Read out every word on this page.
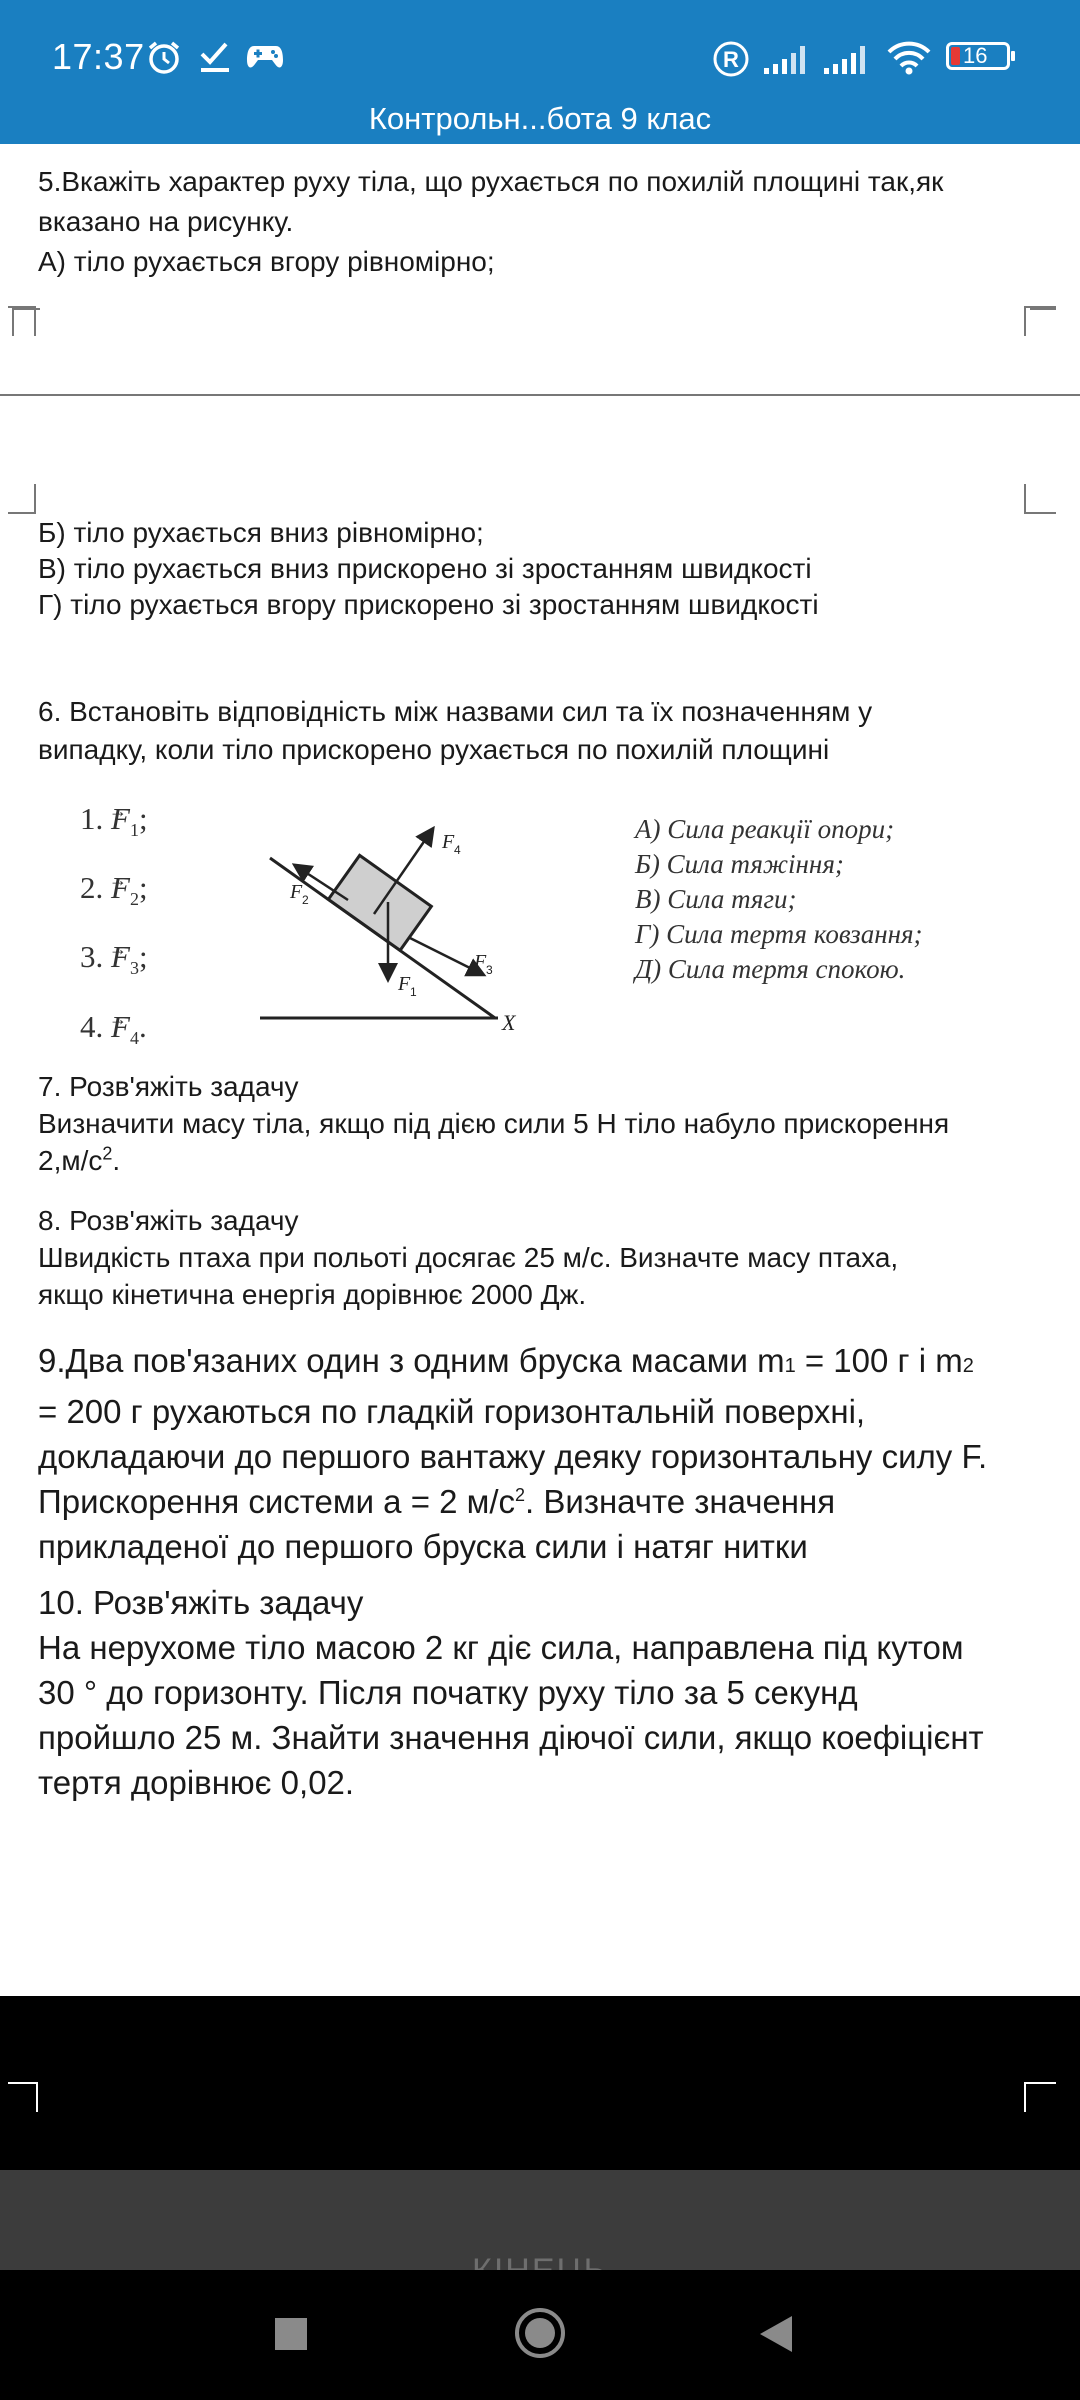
17:37	R	16
Контрольн...бота 9 клас

5.Вкажіть характер руху тіла, що рухається по похилій площині так,як

вказано на рисунку.

А) тіло рухається вгору рівномірно;

Б) тіло рухається вниз рівномірно;

В) тіло рухається вниз прискорено зі зростанням швидкості

Г) тіло рухається вгору прискорено зі зростанням швидкості

6. Встановіть відповідність між назвами сил та їх позначенням у

випадку, коли тіло прискорено рухається по похилій площині

1. → $F_1$;
2. → $F_2$;
3. → $F_3$;
4. → $F_4$.
F 4
F 1
F 3
F 2
X
А) Сила реакції опори;
Б) Сила тяжіння;
В) Сила тяги;
Г) Сила тертя ковзання;
Д) Сила тертя спокою.

7. Розв'яжіть задачу

Визначити масу тіла, якщо під дією сили 5 Н тіло набуло прискорення

$2,м/с^2$.

8. Розв'яжіть задачу

Швидкість птаха при польоті досягає 25 м/с. Визначте масу птаха,

якщо кінетична енергія дорівнює 2000 Дж.

9.Два пов'язаних один з одним бруска масами m1 = 100 г і m2

= 200 г рухаються по гладкій горизонтальній поверхні,

докладаючи до першого вантажу деяку горизонтальну силу F.

Прискорення системи а = 2 $м/с^2$. Визначте значення

прикладеної до першого бруска сили і натяг нитки

10. Розв'яжіть задачу

На нерухоме тіло масою 2 кг діє сила, направлена під кутом

30 ° до горизонту. Після початку руху тіло за 5 секунд

пройшло 25 м. Знайти значення діючої сили, якщо коефіцієнт

тертя дорівнює 0,02.
